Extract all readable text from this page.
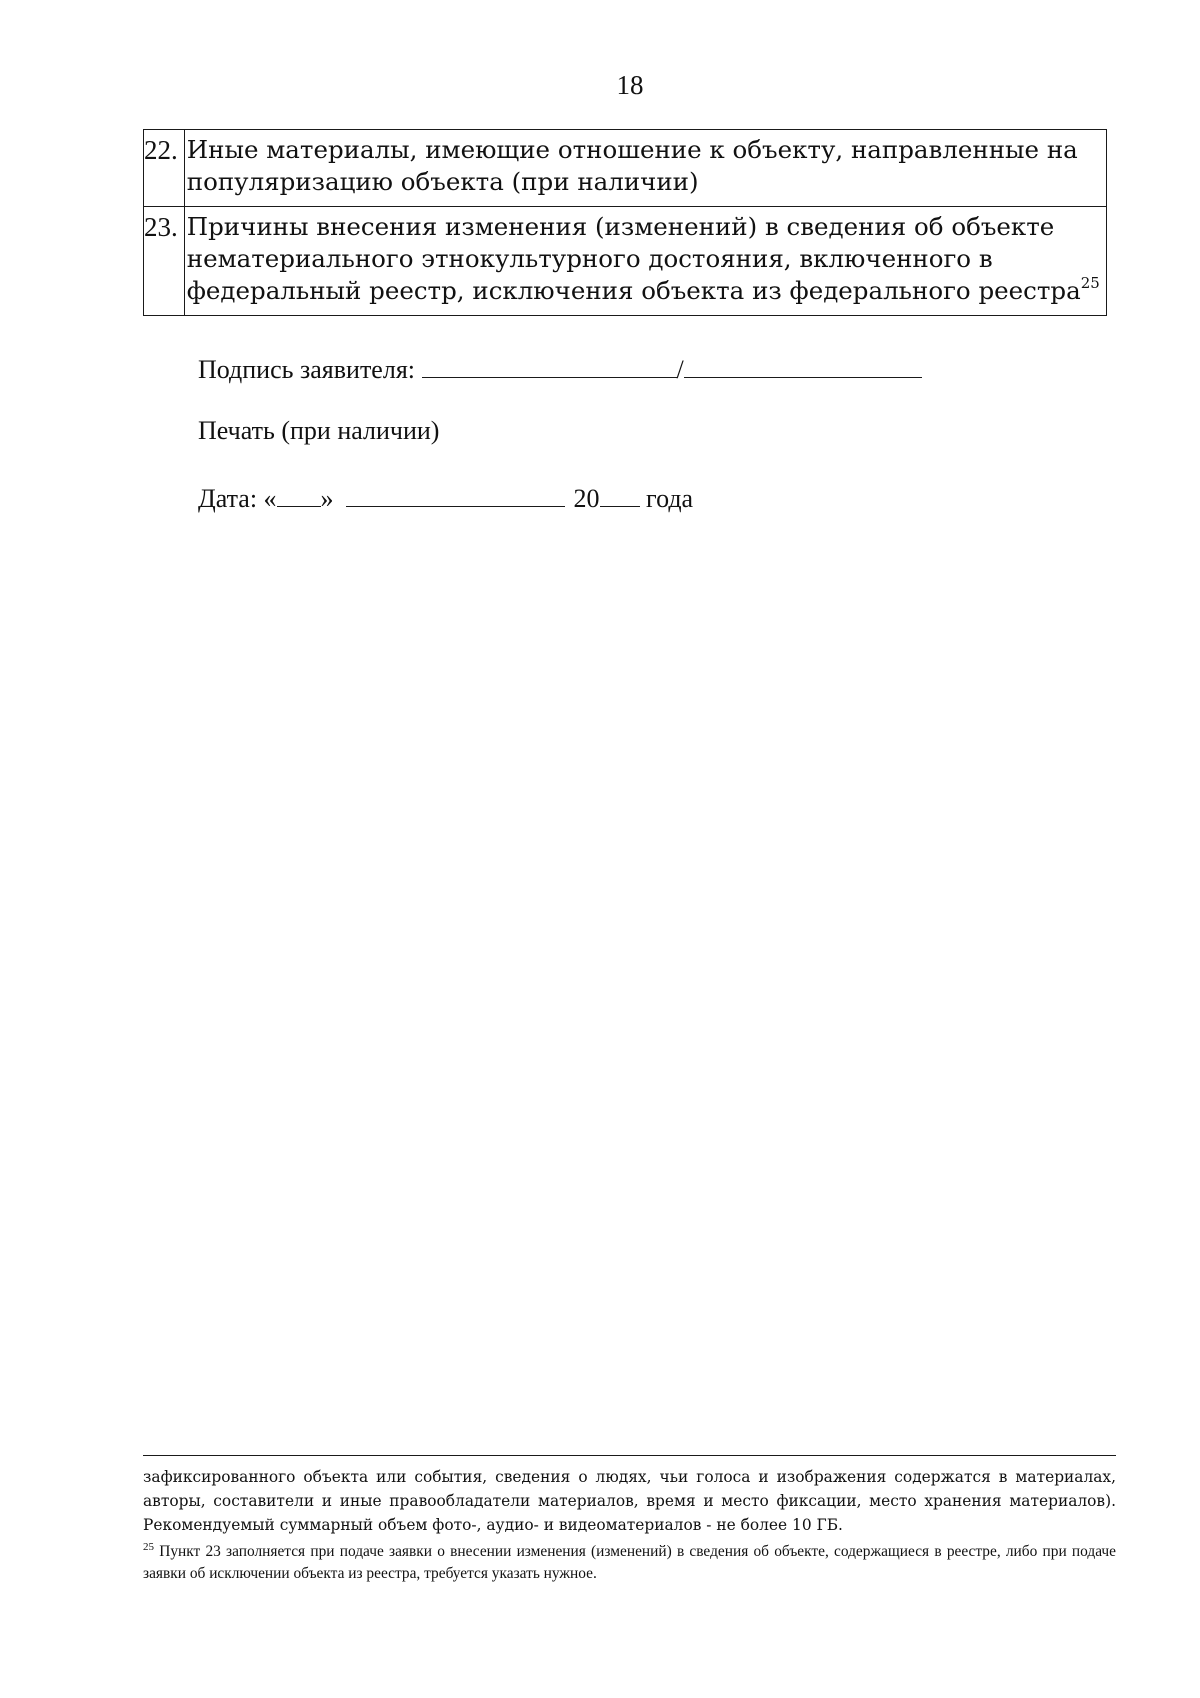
18
22.	Иные материалы, имеющие отношение к объекту, направленные на
популяризацию объекта (при наличии)

23.	Причины внесения изменения (изменений) в сведения об объекте
нематериального этнокультурного достояния, включенного в
федеральный реестр, исключения объекта из федерального реестра$^{25}$
Подпись заявителя:	/
Печать (при наличии)
Дата: « »	20 года

зафиксированного объекта или события, сведения о людях, чьи голоса и изображения содержатся в материалах, авторы, составители и иные правообладатели материалов, время и место фиксации, место хранения материалов). Рекомендуемый суммарный объем фото-, аудио- и видеоматериалов - не более 10 ГБ.

$^{25}$ Пункт 23 заполняется при подаче заявки о внесении изменения (изменений) в сведения об объекте, содержащиеся в реестре, либо при подаче заявки об исключении объекта из реестра, требуется указать нужное.
